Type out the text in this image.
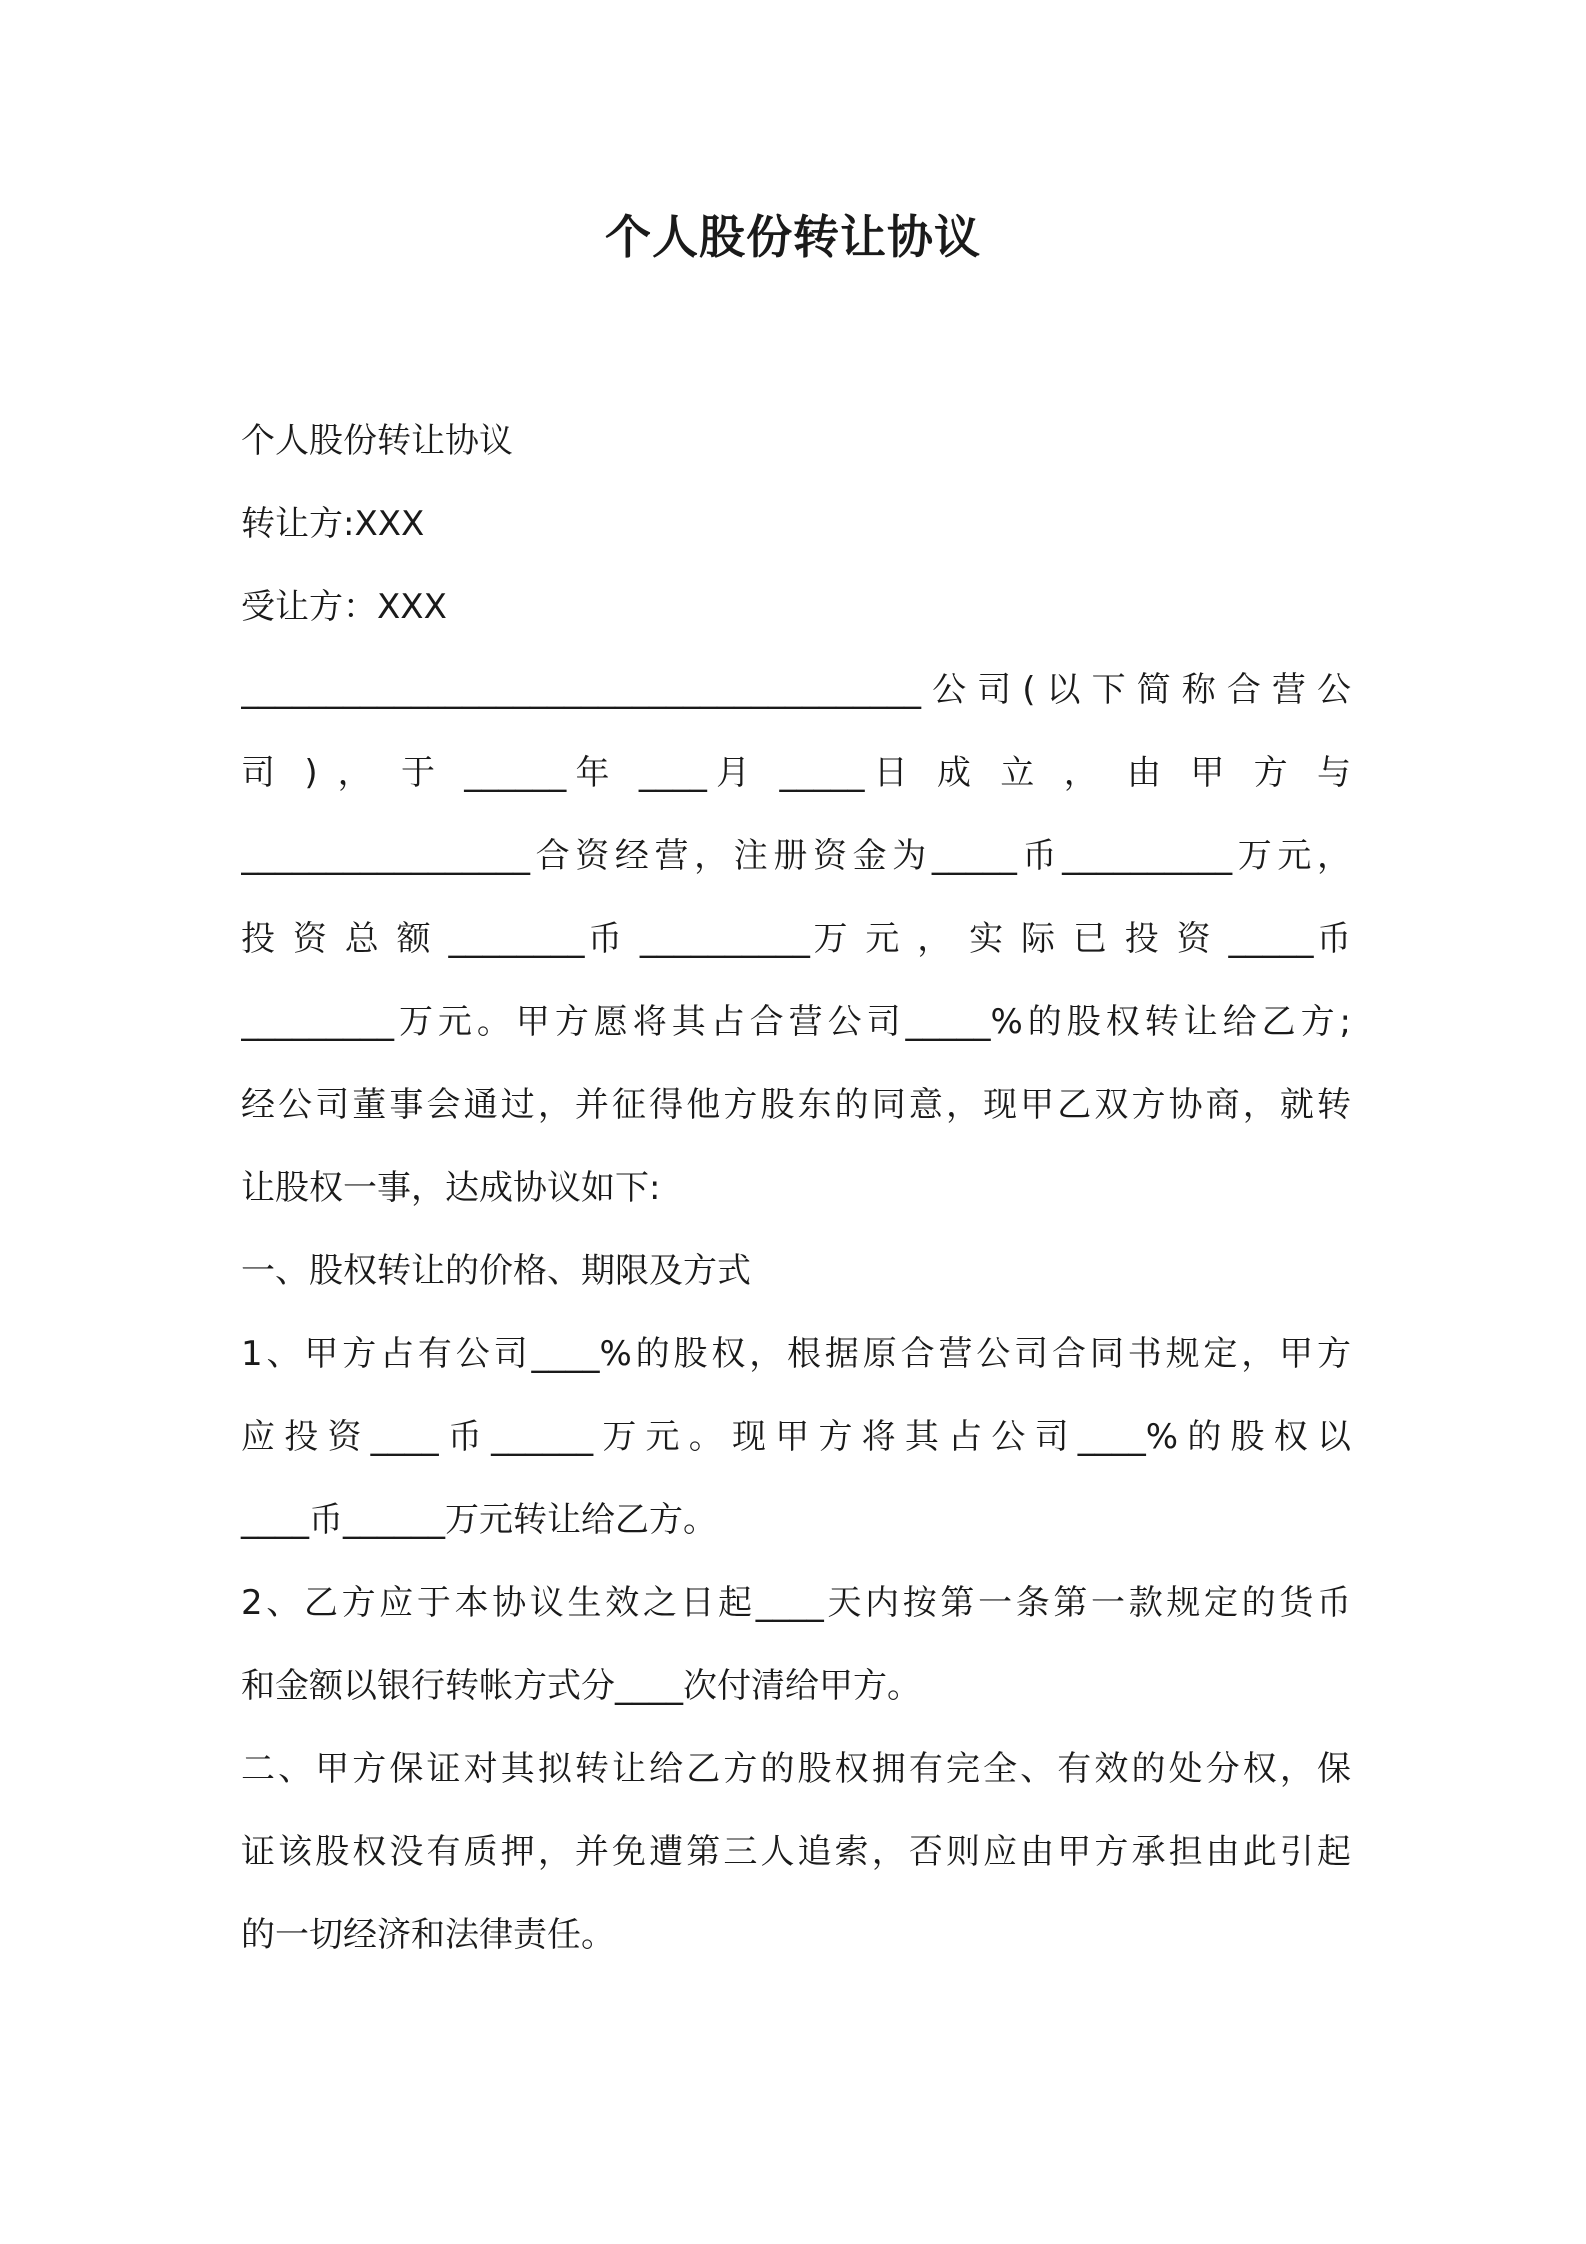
个人股份转让协议

个人股份转让协议

转让方:XXX

受让方：XXX

________________________________________公司(以下简称合营公

司 ) ， 于 ______年 ____月 _____日 成 立 ， 由 甲 方 与

_________________合资经营，注册资金为_____币__________万元，

投 资 总 额 ________币 __________万 元 ， 实 际 已 投 资 _____币

_________万元。甲方愿将其占合营公司_____%的股权转让给乙方;

经公司董事会通过，并征得他方股东的同意，现甲乙双方协商，就转

让股权一事，达成协议如下:

一、股权转让的价格、期限及方式

1、甲方占有公司____%的股权，根据原合营公司合同书规定，甲方

应投资____币______万元。现甲方将其占公司____%的股权以

____币______万元转让给乙方。

2、乙方应于本协议生效之日起____天内按第一条第一款规定的货币

和金额以银行转帐方式分____次付清给甲方。

二、甲方保证对其拟转让给乙方的股权拥有完全、有效的处分权，保

证该股权没有质押，并免遭第三人追索，否则应由甲方承担由此引起

的一切经济和法律责任。
